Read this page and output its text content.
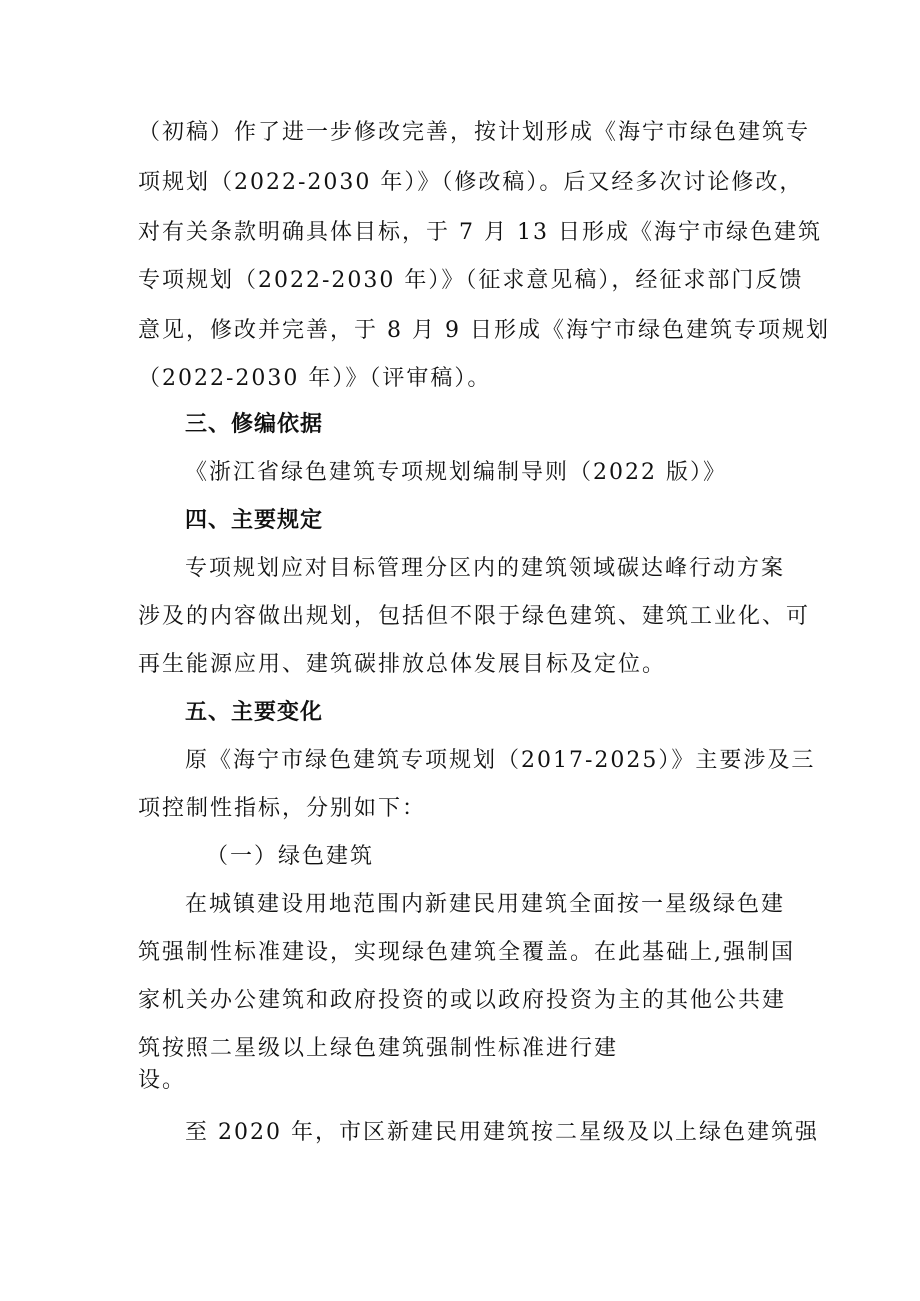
（初稿）作了进一步修改完善，按计划形成《海宁市绿色建筑专
项规划（2022-2030 年）》（修改稿）。后又经多次讨论修改，
对有关条款明确具体目标，于 7 月 13 日形成《海宁市绿色建筑
专项规划（2022-2030 年）》（征求意见稿），经征求部门反馈
意见，修改并完善，于 8 月 9 日形成《海宁市绿色建筑专项规划
（2022-2030 年）》（评审稿）。
三、修编依据
《浙江省绿色建筑专项规划编制导则（2022 版）》
四、主要规定
专项规划应对目标管理分区内的建筑领域碳达峰行动方案
涉及的内容做出规划，包括但不限于绿色建筑、建筑工业化、可
再生能源应用、建筑碳排放总体发展目标及定位。
五、主要变化
原《海宁市绿色建筑专项规划（2017-2025）》主要涉及三
项控制性指标，分别如下：
（一）绿色建筑
在城镇建设用地范围内新建民用建筑全面按一星级绿色建
筑强制性标准建设，实现绿色建筑全覆盖。在此基础上,强制国
家机关办公建筑和政府投资的或以政府投资为主的其他公共建
筑按照二星级以上绿色建筑强制性标准进行建
设。
至 2020 年，市区新建民用建筑按二星级及以上绿色建筑强
